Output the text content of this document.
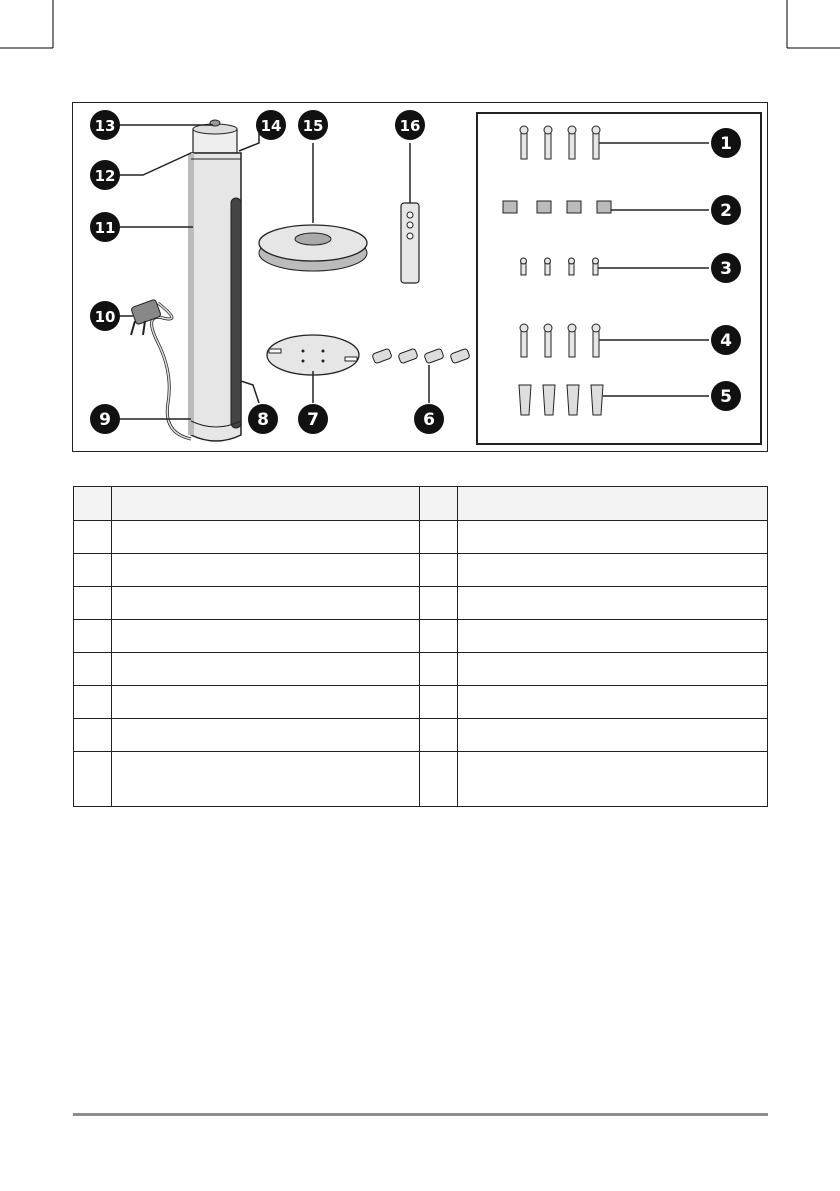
1
2
3
4
5
6
7
8
9
10
11
12
13	14 15	16
